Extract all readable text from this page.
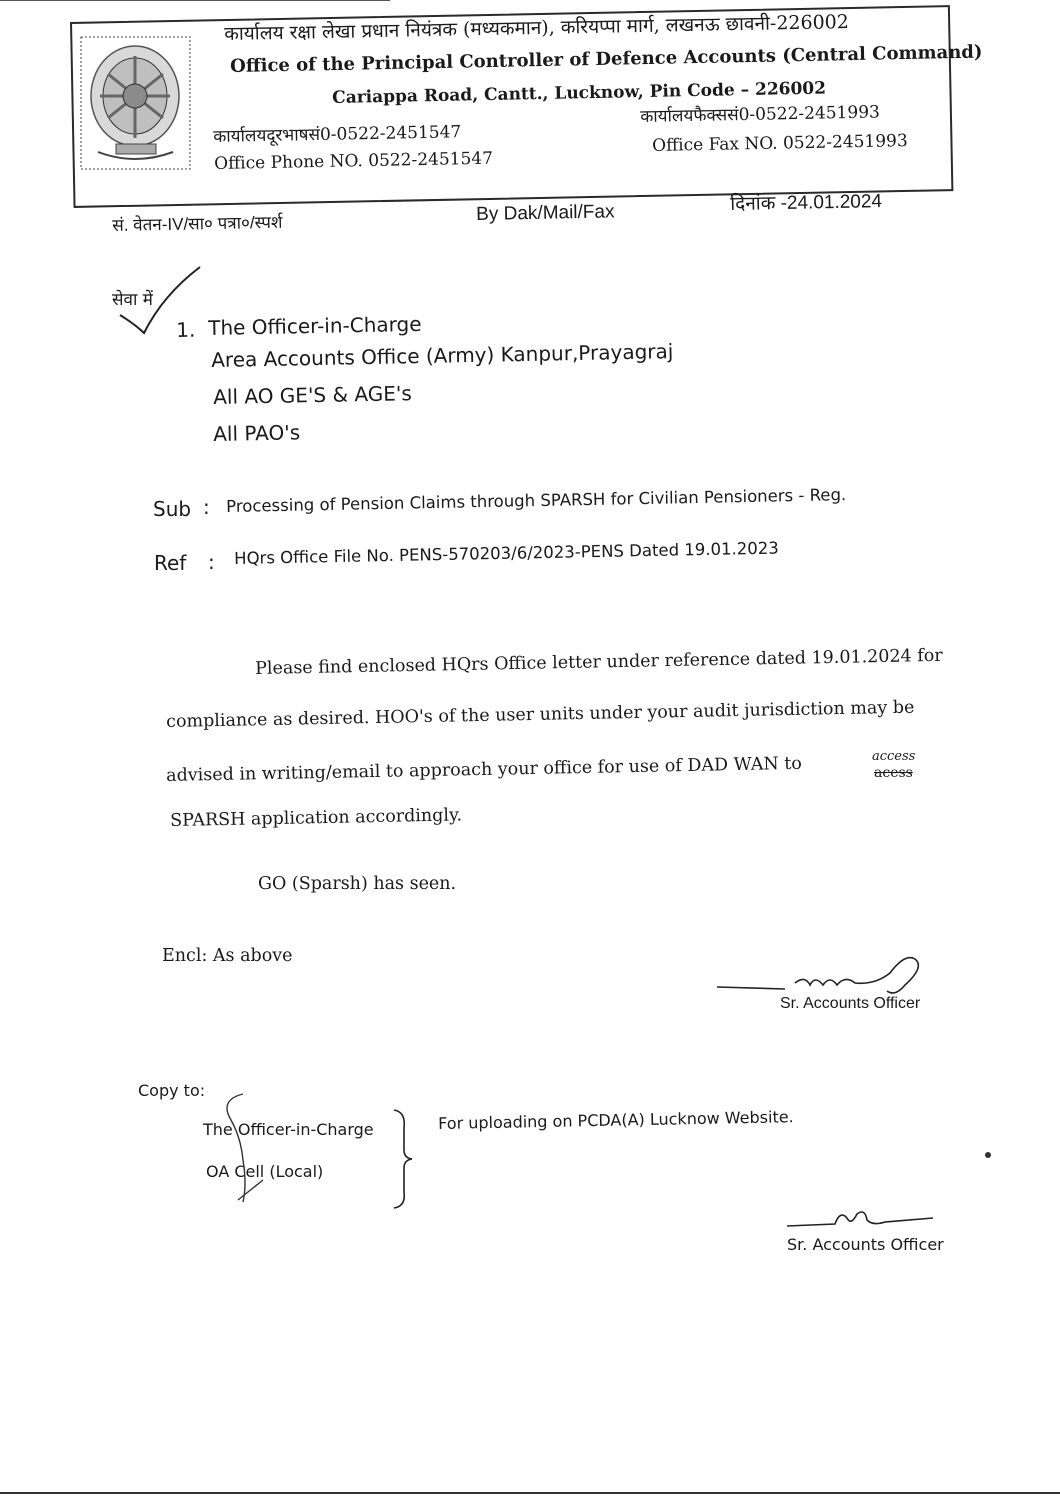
कार्यालय रक्षा लेखा प्रधान नियंत्रक (मध्यकमान), करियप्पा मार्ग, लखनऊ छावनी-226002
Office of the Principal Controller of Defence Accounts (Central Command)
Cariappa Road, Cantt., Lucknow, Pin Code – 226002
कार्यालयदूरभाषसं0-0522-2451547
कार्यालयफैक्ससं0-0522-2451993
Office Phone NO. 0522-2451547
Office Fax NO. 0522-2451993
सं. वेतन-IV/सा० पत्रा०/स्पर्श	By Dak/Mail/Fax	दिनांक -24.01.2024
सेवा में
1. The Officer-in-Charge
Area Accounts Office (Army) Kanpur,Prayagraj
All AO GE'S & AGE's
All PAO's
Sub : Processing of Pension Claims through SPARSH for Civilian Pensioners - Reg.
Ref : HQrs Office File No. PENS-570203/6/2023-PENS Dated 19.01.2023
Please find enclosed HQrs Office letter under reference dated 19.01.2024 for
compliance as desired. HOO's of the user units under your audit jurisdiction may be
advised in writing/email to approach your office for use of DAD WAN to	access
acess
SPARSH application accordingly.
GO (Sparsh) has seen.
Encl: As above
Sr. Accounts Officer
Copy to:
The Officer-in-Charge
OA Cell (Local)
For uploading on PCDA(A) Lucknow Website.
Sr. Accounts Officer
